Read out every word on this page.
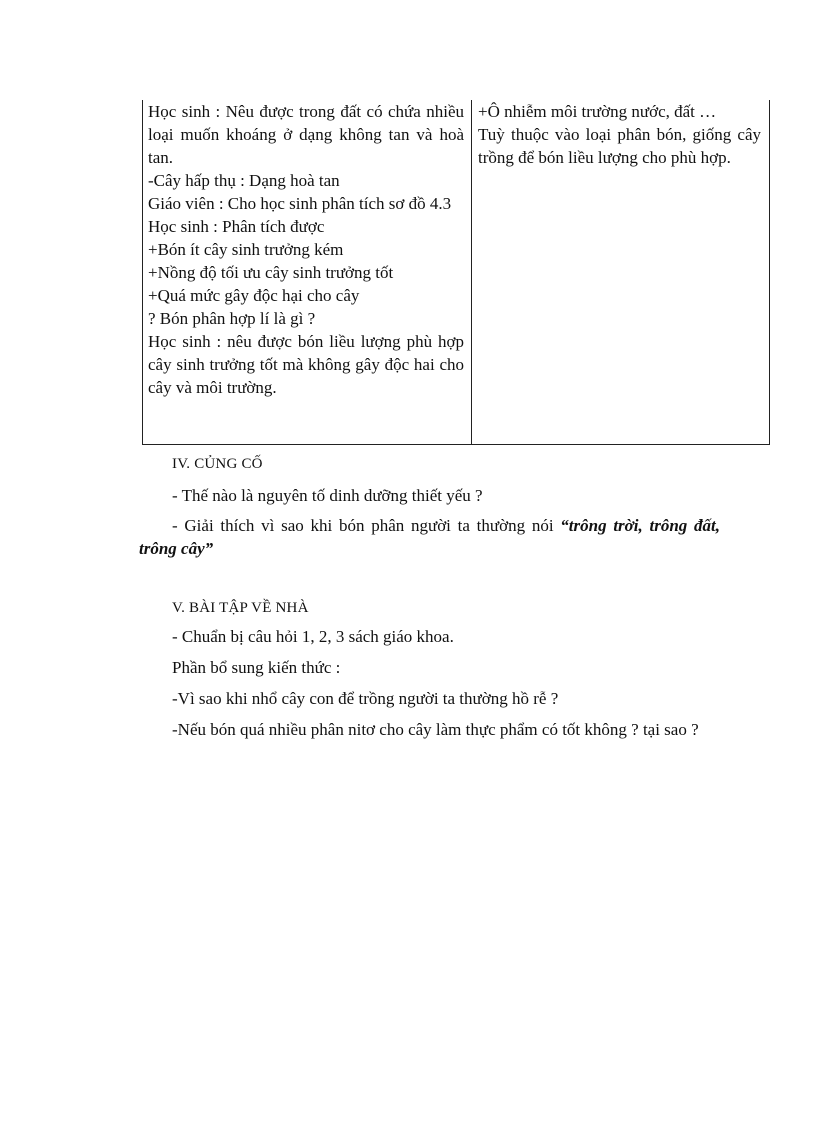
Học sinh : Nêu được trong đất có chứa nhiều loại muốn khoáng ở dạng không tan và hoà tan.

-Cây hấp thụ : Dạng hoà tan

Giáo viên : Cho học sinh phân tích sơ đồ 4.3

Học sinh : Phân tích được

+Bón ít cây sinh trưởng kém

+Nồng độ tối ưu cây sinh trưởng tốt

+Quá mức gây độc hại cho cây

? Bón phân hợp lí là gì ?

Học sinh : nêu được bón liều lượng phù hợp cây sinh trưởng tốt mà không gây độc hai cho cây và môi trường.

+Ô nhiễm môi trường nước, đất …

Tuỳ thuộc vào loại phân bón, giống cây trồng để bón liều lượng cho phù hợp.

IV. CỦNG CỐ

- Thế nào là nguyên tố dinh dưỡng thiết yếu ?

- Giải thích vì sao khi bón phân người ta thường nói “trông trời, trông đất, trông cây”

V. BÀI TẬP VỀ NHÀ

- Chuẩn bị câu hỏi 1, 2, 3 sách giáo khoa.

Phần bổ sung kiến thức :

-Vì sao khi nhổ cây con để trồng người ta thường hồ rễ ?

-Nếu bón quá nhiều phân nitơ cho cây làm thực phẩm có tốt không ? tại sao ?
